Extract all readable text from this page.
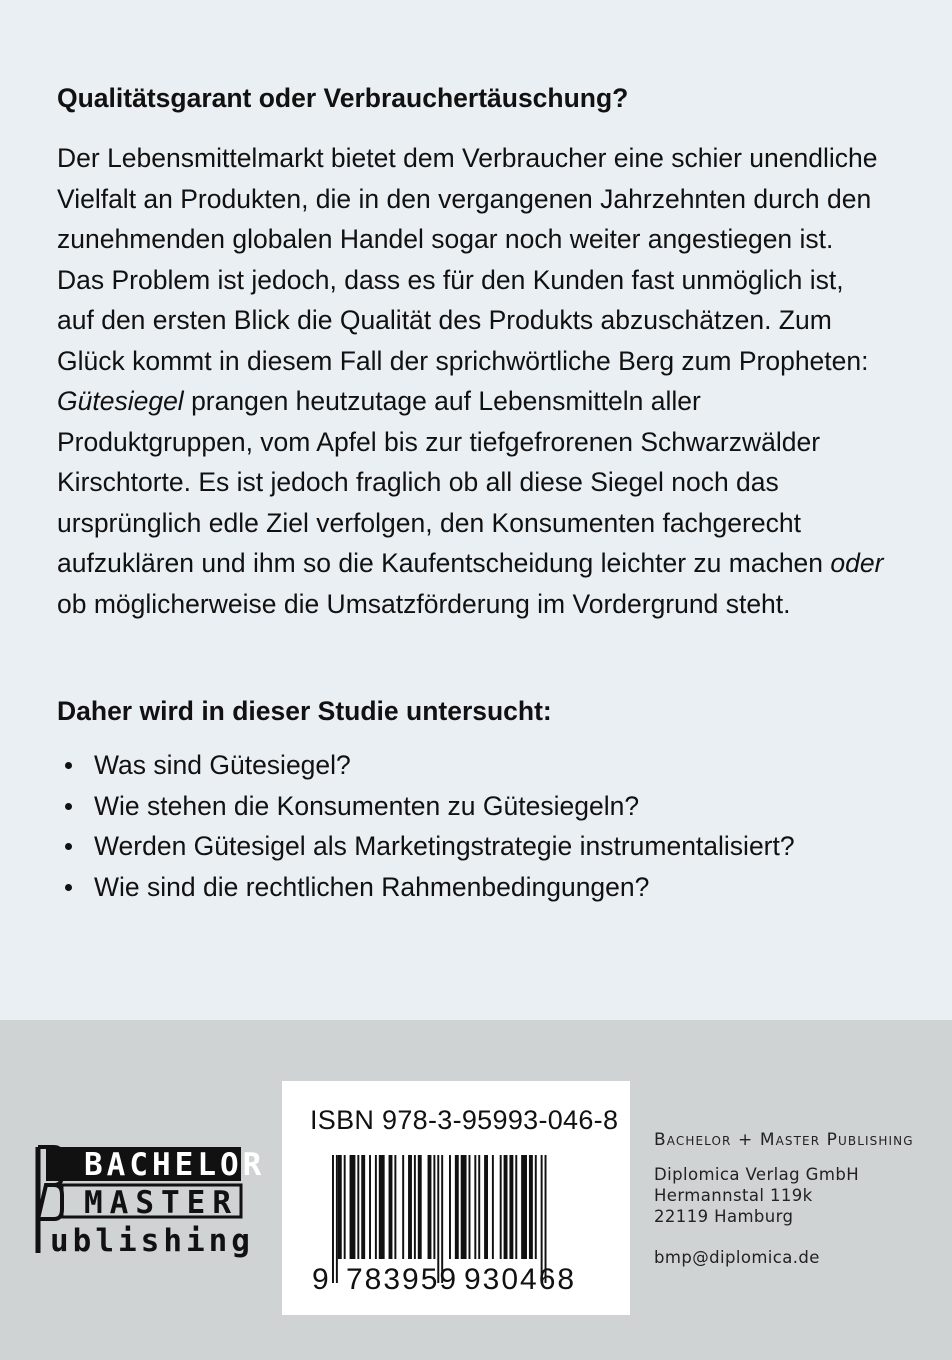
Qualitätsgarant oder Verbrauchertäuschung?

Der Lebensmittelmarkt bietet dem Verbraucher eine schier unendliche Vielfalt an Produkten, die in den vergangenen Jahrzehnten durch den zunehmenden globalen Handel sogar noch weiter angestiegen ist. Das Problem ist jedoch, dass es für den Kunden fast unmöglich ist, auf den ersten Blick die Qualität des Produkts abzuschätzen. Zum Glück kommt in diesem Fall der sprichwörtliche Berg zum Propheten: Gütesiegel prangen heutzutage auf Lebensmitteln aller Produktgruppen, vom Apfel bis zur tiefgefrorenen Schwarzwälder Kirschtorte. Es ist jedoch fraglich ob all diese Siegel noch das ursprünglich edle Ziel verfolgen, den Konsumenten fachgerecht aufzuklären und ihm so die Kaufentscheidung leichter zu machen oder ob möglicherweise die Umsatzförderung im Vordergrund steht.

Daher wird in dieser Studie untersucht:
Was sind Gütesiegel?
Wie stehen die Konsumenten zu Gütesiegeln?
Werden Gütesigel als Marketingstrategie instrumentalisiert?
Wie sind die rechtlichen Rahmenbedingungen?
BACHELOR
MASTER
ublishing
ISBN 978-3-95993-046-8
9 783959 930468

Bachelor + Master Publishing

Diplomica Verlag GmbH
Hermannstal 119k
22119 Hamburg
bmp@diplomica.de
